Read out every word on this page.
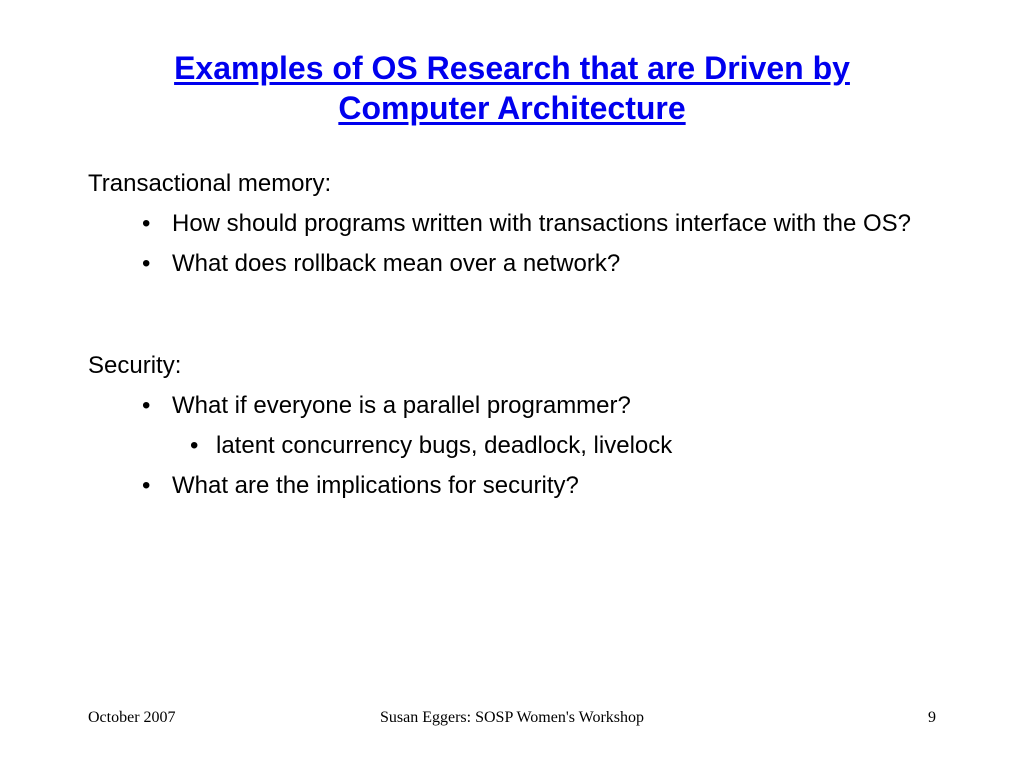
Examples of OS Research that are Driven by
Computer Architecture
Transactional memory:
• How should programs written with transactions interface with the OS?
• What does rollback mean over a network?
Security:
• What if everyone is a parallel programmer?
• latent concurrency bugs, deadlock, livelock
• What are the implications for security?
October 2007	Susan Eggers: SOSP Women's Workshop	9
